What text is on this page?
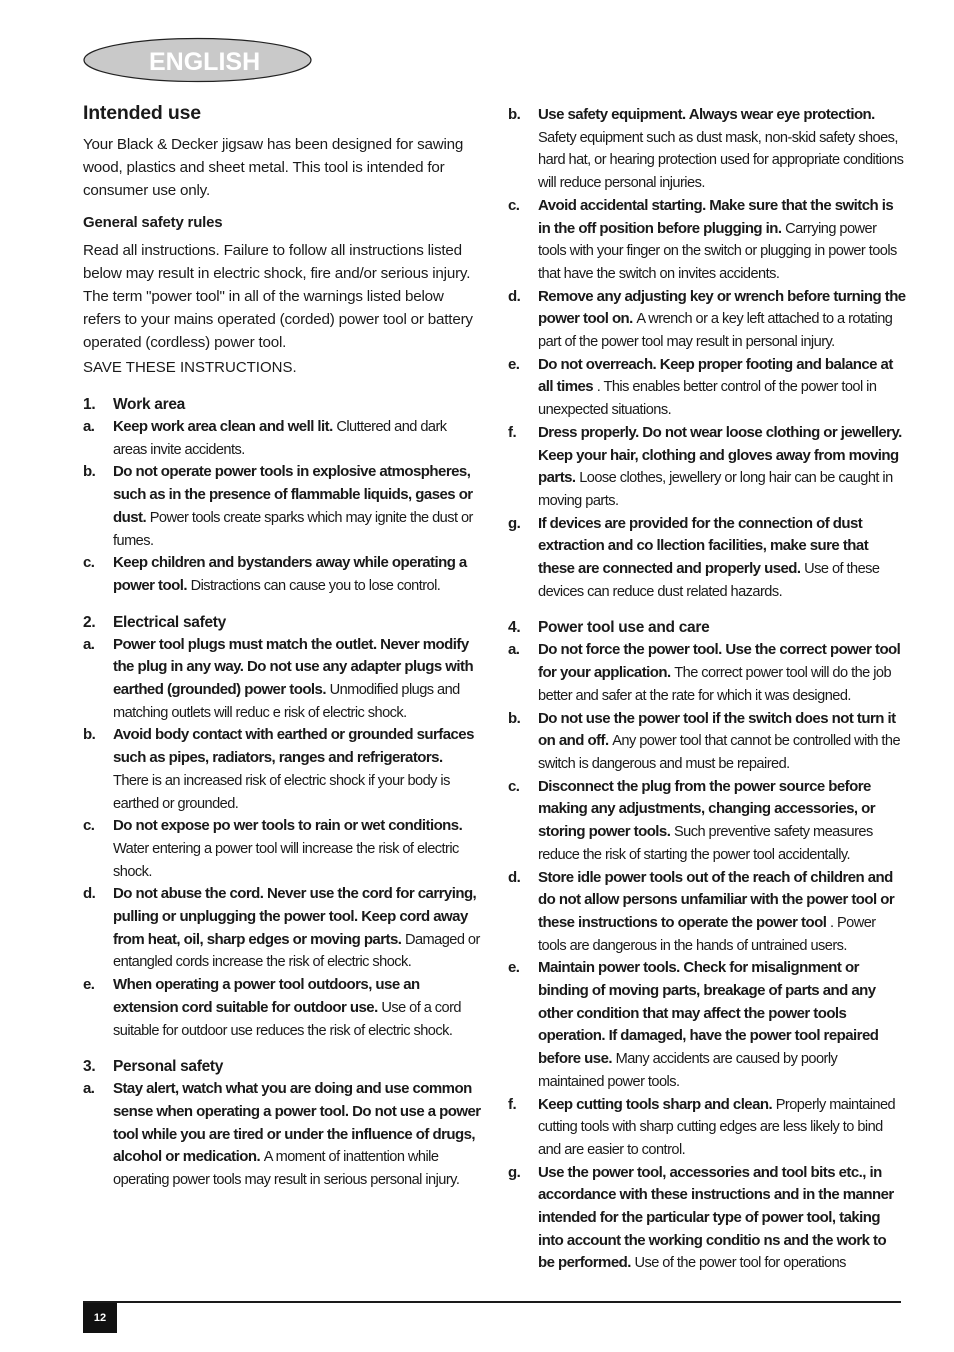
ENGLISH
Intended use
Your Black & Decker jigsaw has been designed for sawing wood, plastics and sheet metal. This tool is intended for consumer use only.
General safety rules
Read all instructions. Failure to follow all instructions listed below may result in electric shock, fire and/or serious injury. The term "power tool" in all of the warnings listed below refers to your mains operated (corded) power tool or battery operated (cordless) power tool.
SAVE THESE INSTRUCTIONS.
1.	Work area
a.	Keep work area clean and well lit. Cluttered and dark areas invite accidents.
b.	Do not operate power tools in explosive atmospheres, such as in the presence of flammable liquids, gases or dust. Power tools create sparks which may ignite the dust or fumes.
c.	Keep children and bystanders away while operating a power tool. Distractions can cause you to lose control.
2.	Electrical safety
a.	Power tool plugs must match the outlet. Never modify the plug in any way. Do not use any adapter plugs with earthed (grounded) power tools. Unmodified plugs and matching outlets will reduc e risk of electric shock.
b.	Avoid body contact with earthed or grounded surfaces such as pipes, radiators, ranges and refrigerators. There is an increased risk of electric shock if your body is earthed or grounded.
c.	Do not expose po wer tools to rain or wet conditions. Water entering a power tool will increase the risk of electric shock.
d.	Do not abuse the cord. Never use the cord for carrying, pulling or unplugging the power tool. Keep cord away from heat, oil, sharp edges or moving parts. Damaged or entangled cords increase the risk of electric shock.
e.	When operating a power tool outdoors, use an extension cord suitable for outdoor use. Use of a cord suitable for outdoor use reduces the risk of electric shock.
3.	Personal safety
a.	Stay alert, watch what you are doing and use common sense when operating a power tool. Do not use a power tool while you are tired or under the influence of drugs, alcohol or medication. A moment of inattention while operating power tools may result in serious personal injury.
b.	Use safety equipment. Always wear eye protection. Safety equipment such as dust mask, non-skid safety shoes, hard hat, or hearing protection used for appropriate conditions will reduce personal injuries.
c.	Avoid accidental starting. Make sure that the switch is in the off position before plugging in. Carrying power tools with your finger on the switch or plugging in power tools that have the switch on invites accidents.
d.	Remove any adjusting key or wrench before turning the power tool on. A wrench or a key left attached to a rotating part of the power tool may result in personal injury.
e.	Do not overreach. Keep proper footing and balance at all times . This enables better control of the power tool in unexpected situations.
f.	Dress properly. Do not wear loose clothing or jewellery. Keep your hair, clothing and gloves away from moving parts. Loose clothes, jewellery or long hair can be caught in moving parts.
g.	If devices are provided for the connection of dust extraction and co llection facilities, make sure that these are connected and properly used. Use of these devices can reduce dust related hazards.
4.	Power tool use and care
a.	Do not force the power tool. Use the correct power tool for your application. The correct power tool will do the job better and safer at the rate for which it was designed.
b.	Do not use the power tool if the switch does not turn it on and off. Any power tool that cannot be controlled with the switch is dangerous and must be repaired.
c.	Disconnect the plug from the power source before making any adjustments, changing accessories, or storing power tools. Such preventive safety measures reduce the risk of starting the power tool accidentally.
d.	Store idle power tools out of the reach of children and do not allow persons unfamiliar with the power tool or these instructions to operate the power tool . Power tools are dangerous in the hands of untrained users.
e.	Maintain power tools. Check for misalignment or binding of moving parts, breakage of parts and any other condition that may affect the power tools operation. If damaged, have the power tool repaired before use. Many accidents are caused by poorly maintained power tools.
f.	Keep cutting tools sharp and clean. Properly maintained cutting tools with sharp cutting edges are less likely to bind and are easier to control.
g.	Use the power tool, accessories and tool bits etc., in accordance with these instructions and in the manner intended for the particular type of power tool, taking into account the working conditio ns and the work to be performed. Use of the power tool for operations
12
